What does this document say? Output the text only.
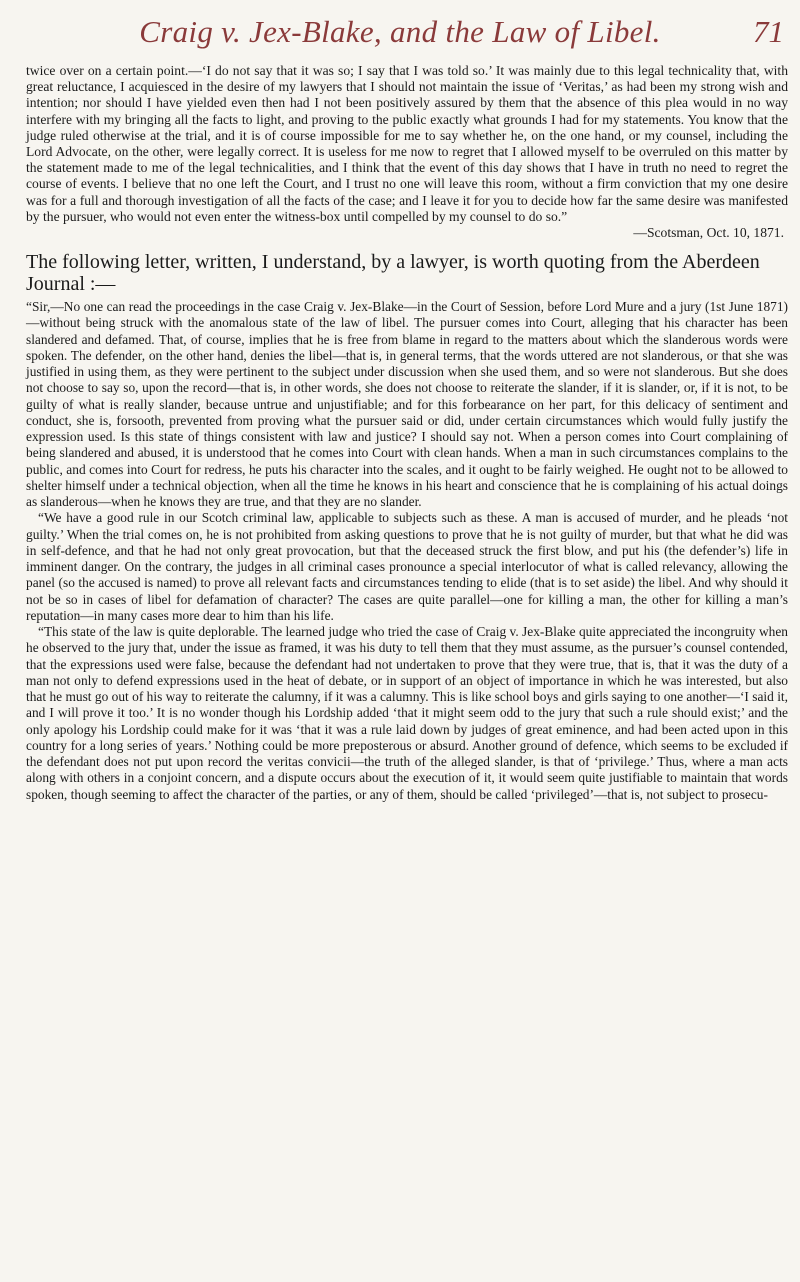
Craig v. Jex-Blake, and the Law of Libel.	71

twice over on a certain point.—‘I do not say that it was so; I say that I was told so.’ It was mainly due to this legal technicality that, with great reluctance, I acquiesced in the desire of my lawyers that I should not maintain the issue of ‘Veritas,’ as had been my strong wish and intention; nor should I have yielded even then had I not been positively assured by them that the absence of this plea would in no way interfere with my bringing all the facts to light, and proving to the public exactly what grounds I had for my statements. You know that the judge ruled otherwise at the trial, and it is of course impossible for me to say whether he, on the one hand, or my counsel, including the Lord Advocate, on the other, were legally correct. It is useless for me now to regret that I allowed myself to be overruled on this matter by the statement made to me of the legal technicalities, and I think that the event of this day shows that I have in truth no need to regret the course of events. I believe that no one left the Court, and I trust no one will leave this room, without a firm conviction that my one desire was for a full and thorough investigation of all the facts of the case; and I leave it for you to decide how far the same desire was manifested by the pursuer, who would not even enter the witness-box until compelled by my counsel to do so.”

—Scotsman, Oct. 10, 1871.

The following letter, written, I understand, by a lawyer, is worth quoting from the Aberdeen Journal :—

“Sir,—No one can read the proceedings in the case Craig v. Jex-Blake—in the Court of Session, before Lord Mure and a jury (1st June 1871)—without being struck with the anomalous state of the law of libel. The pursuer comes into Court, alleging that his character has been slandered and defamed. That, of course, implies that he is free from blame in regard to the matters about which the slanderous words were spoken. The defender, on the other hand, denies the libel—that is, in general terms, that the words uttered are not slanderous, or that she was justified in using them, as they were pertinent to the subject under discussion when she used them, and so were not slanderous. But she does not choose to say so, upon the record—that is, in other words, she does not choose to reiterate the slander, if it is slander, or, if it is not, to be guilty of what is really slander, because untrue and unjustifiable; and for this forbearance on her part, for this delicacy of sentiment and conduct, she is, forsooth, prevented from proving what the pursuer said or did, under certain circumstances which would fully justify the expression used. Is this state of things consistent with law and justice? I should say not. When a person comes into Court complaining of being slandered and abused, it is understood that he comes into Court with clean hands. When a man in such circumstances complains to the public, and comes into Court for redress, he puts his character into the scales, and it ought to be fairly weighed. He ought not to be allowed to shelter himself under a technical objection, when all the time he knows in his heart and conscience that he is complaining of his actual doings as slanderous—when he knows they are true, and that they are no slander.

“We have a good rule in our Scotch criminal law, applicable to subjects such as these. A man is accused of murder, and he pleads ‘not guilty.’ When the trial comes on, he is not prohibited from asking questions to prove that he is not guilty of murder, but that what he did was in self-defence, and that he had not only great provocation, but that the deceased struck the first blow, and put his (the defender’s) life in imminent danger. On the contrary, the judges in all criminal cases pronounce a special interlocutor of what is called relevancy, allowing the panel (so the accused is named) to prove all relevant facts and circumstances tending to elide (that is to set aside) the libel. And why should it not be so in cases of libel for defamation of character? The cases are quite parallel—one for killing a man, the other for killing a man’s reputation—in many cases more dear to him than his life.

“This state of the law is quite deplorable. The learned judge who tried the case of Craig v. Jex-Blake quite appreciated the incongruity when he observed to the jury that, under the issue as framed, it was his duty to tell them that they must assume, as the pursuer’s counsel contended, that the expressions used were false, because the defendant had not undertaken to prove that they were true, that is, that it was the duty of a man not only to defend expressions used in the heat of debate, or in support of an object of importance in which he was interested, but also that he must go out of his way to reiterate the calumny, if it was a calumny. This is like school boys and girls saying to one another—‘I said it, and I will prove it too.’ It is no wonder though his Lordship added ‘that it might seem odd to the jury that such a rule should exist;’ and the only apology his Lordship could make for it was ‘that it was a rule laid down by judges of great eminence, and had been acted upon in this country for a long series of years.’ Nothing could be more preposterous or absurd. Another ground of defence, which seems to be excluded if the defendant does not put upon record the veritas convicii—the truth of the alleged slander, is that of ‘privilege.’ Thus, where a man acts along with others in a conjoint concern, and a dispute occurs about the execution of it, it would seem quite justifiable to maintain that words spoken, though seeming to affect the character of the parties, or any of them, should be called ‘privileged’—that is, not subject to prosecu-
